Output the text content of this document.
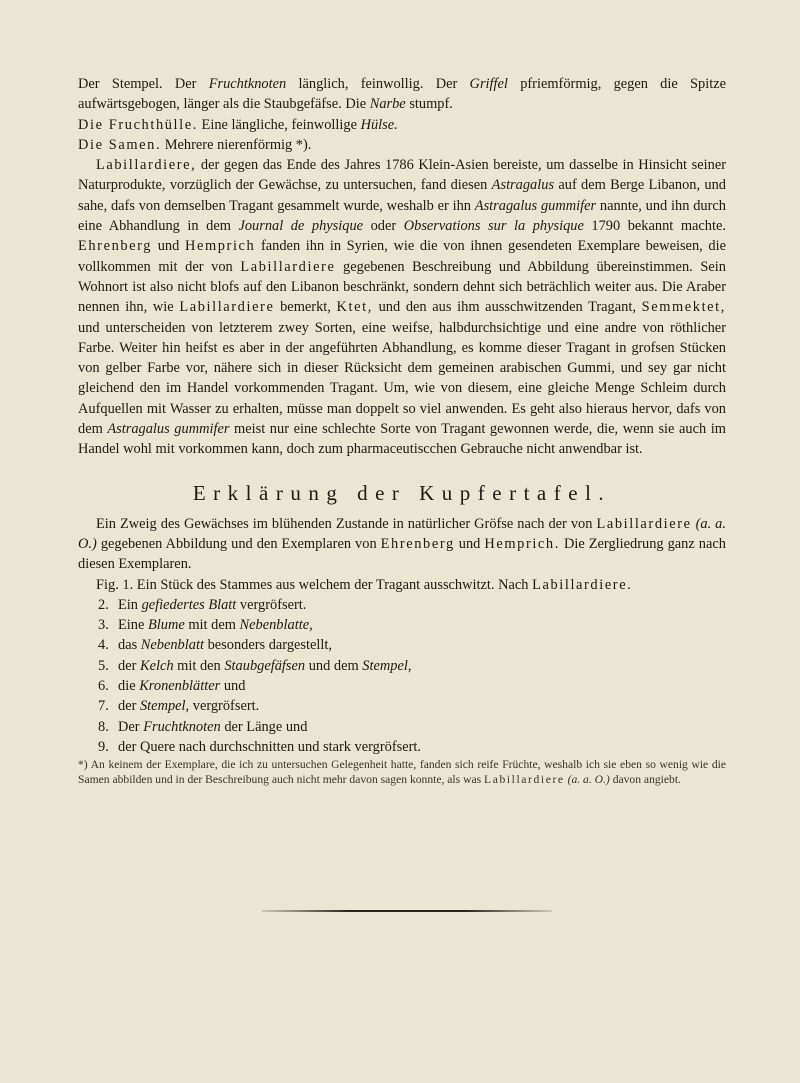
Der Stempel. Der Fruchtknoten länglich, feinwollig. Der Griffel pfriemförmig, gegen die Spitze aufwärtsgebogen, länger als die Staubgefäfse. Die Narbe stumpf.

Die Fruchthülle. Eine längliche, feinwollige Hülse.

Die Samen. Mehrere nierenförmig *).

Labillardiere, der gegen das Ende des Jahres 1786 Klein-Asien bereiste, um dasselbe in Hinsicht seiner Naturprodukte, vorzüglich der Gewächse, zu untersuchen, fand diesen Astragalus auf dem Berge Libanon, und sahe, dafs von demselben Tragant gesammelt wurde, weshalb er ihn Astragalus gummifer nannte, und ihn durch eine Abhandlung in dem Journal de physique oder Observations sur la physique 1790 bekannt machte. Ehrenberg und Hemprich fanden ihn in Syrien, wie die von ihnen gesendeten Exemplare beweisen, die vollkommen mit der von Labillardiere gegebenen Beschreibung und Abbildung übereinstimmen. Sein Wohnort ist also nicht blofs auf den Libanon beschränkt, sondern dehnt sich beträchlich weiter aus. Die Araber nennen ihn, wie Labillardiere bemerkt, Ktet, und den aus ihm ausschwitzenden Tragant, Semmektet, und unterscheiden von letzterem zwey Sorten, eine weifse, halbdurchsichtige und eine andre von röthlicher Farbe. Weiter hin heifst es aber in der angeführten Abhandlung, es komme dieser Tragant in grofsen Stücken von gelber Farbe vor, nähere sich in dieser Rücksicht dem gemeinen arabischen Gummi, und sey gar nicht gleichend den im Handel vorkommenden Tragant. Um, wie von diesem, eine gleiche Menge Schleim durch Aufquellen mit Wasser zu erhalten, müsse man doppelt so viel anwenden. Es geht also hieraus hervor, dafs von dem Astragalus gummifer meist nur eine schlechte Sorte von Tragant gewonnen werde, die, wenn sie auch im Handel wohl mit vorkommen kann, doch zum pharmaceutiscchen Gebrauche nicht anwendbar ist.

Erklärung der Kupfertafel.

Ein Zweig des Gewächses im blühenden Zustande in natürlicher Gröfse nach der von Labillardiere (a. a. O.) gegebenen Abbildung und den Exemplaren von Ehrenberg und Hemprich. Die Zergliedrung ganz nach diesen Exemplaren.

Fig. 1. Ein Stück des Stammes aus welchem der Tragant ausschwitzt. Nach Labillardiere.
2. Ein gefiedertes Blatt vergröfsert.
3. Eine Blume mit dem Nebenblatte,
4. das Nebenblatt besonders dargestellt,
5. der Kelch mit den Staubgefäfsen und dem Stempel,
6. die Kronenblätter und
7. der Stempel, vergröfsert.
8. Der Fruchtknoten der Länge und
9. der Quere nach durchschnitten und stark vergröfsert.

*) An keinem der Exemplare, die ich zu untersuchen Gelegenheit hatte, fanden sich reife Früchte, weshalb ich sie eben so wenig wie die Samen abbilden und in der Beschreibung auch nicht mehr davon sagen konnte, als was Labillardiere (a. a. O.) davon angiebt.
